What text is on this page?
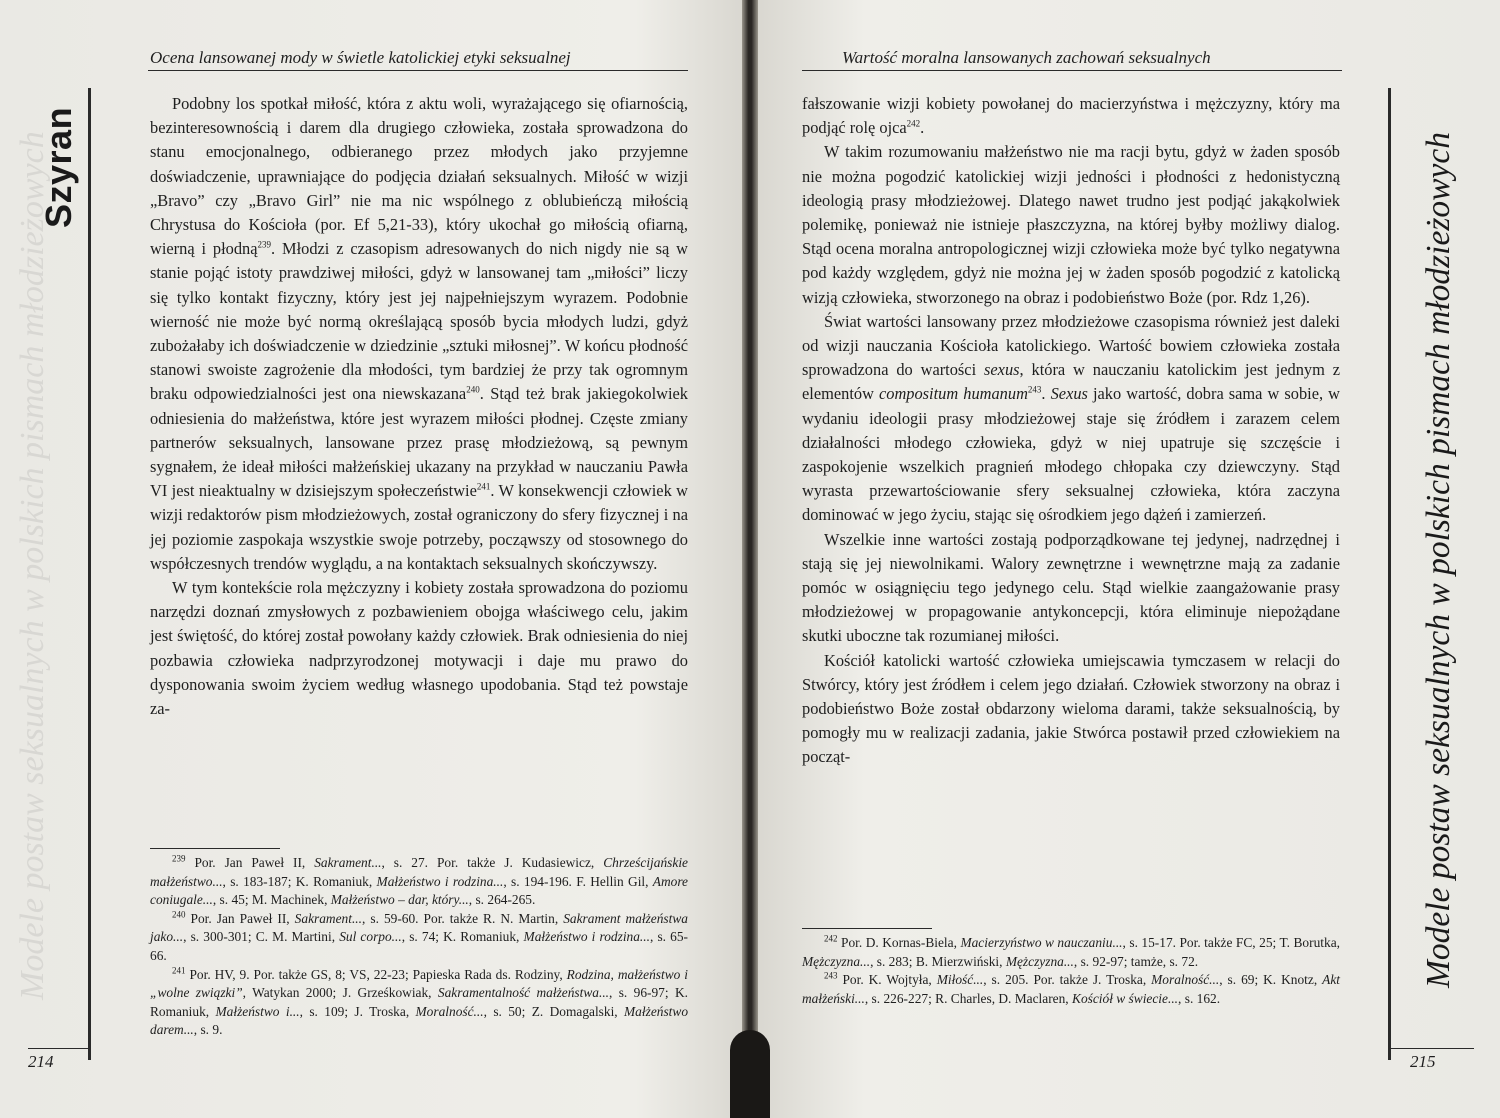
Modele postaw seksualnych w polskich pismach młodzieżowych
Ocena lansowanej mody w świetle katolickiej etyki seksualnej
Szyran

Podobny los spotkał miłość, która z aktu woli, wyrażającego się ofiarnością, bezinteresownością i darem dla drugiego człowieka, została sprowadzona do stanu emocjonalnego, odbieranego przez młodych jako przyjemne doświadczenie, uprawniające do podjęcia działań seksualnych. Miłość w wizji „Bravo” czy „Bravo Girl” nie ma nic wspólnego z oblubieńczą miłością Chrystusa do Kościoła (por. Ef 5,21-33), który ukochał go miłością ofiarną, wierną i płodną$^{239}$. Młodzi z czasopism adresowanych do nich nigdy nie są w stanie pojąć istoty prawdziwej miłości, gdyż w lansowanej tam „miłości” liczy się tylko kontakt fizyczny, który jest jej najpełniejszym wyrazem. Podobnie wierność nie może być normą określającą sposób bycia młodych ludzi, gdyż zubożałaby ich doświadczenie w dziedzinie „sztuki miłosnej”. W końcu płodność stanowi swoiste zagrożenie dla młodości, tym bardziej że przy tak ogromnym braku odpowiedzialności jest ona niewskazana$^{240}$. Stąd też brak jakiegokolwiek odniesienia do małżeństwa, które jest wyrazem miłości płodnej. Częste zmiany partnerów seksualnych, lansowane przez prasę młodzieżową, są pewnym sygnałem, że ideał miłości małżeńskiej ukazany na przykład w nauczaniu Pawła VI jest nieaktualny w dzisiejszym społeczeństwie$^{241}$. W konsekwencji człowiek w wizji redaktorów pism młodzieżowych, został ograniczony do sfery fizycznej i na jej poziomie zaspokaja wszystkie swoje potrzeby, począwszy od stosownego do współczesnych trendów wyglądu, a na kontaktach seksualnych skończywszy.

W tym kontekście rola mężczyzny i kobiety została sprowadzona do poziomu narzędzi doznań zmysłowych z pozbawieniem obojga właściwego celu, jakim jest świętość, do której został powołany każdy człowiek. Brak odniesienia do niej pozbawia człowieka nadprzyrodzonej motywacji i daje mu prawo do dysponowania swoim życiem według własnego upodobania. Stąd też powstaje za-

$^{239}$ Por. Jan Paweł II, Sakrament..., s. 27. Por. także J. Kudasiewicz, Chrześcijańskie małżeństwo..., s. 183-187; K. Romaniuk, Małżeństwo i rodzina..., s. 194-196. F. Hellin Gil, Amore coniugale..., s. 45; M. Machinek, Małżeństwo – dar, który..., s. 264-265.

$^{240}$ Por. Jan Paweł II, Sakrament..., s. 59-60. Por. także R. N. Martin, Sakrament małżeństwa jako..., s. 300-301; C. M. Martini, Sul corpo..., s. 74; K. Romaniuk, Małżeństwo i rodzina..., s. 65-66.

$^{241}$ Por. HV, 9. Por. także GS, 8; VS, 22-23; Papieska Rada ds. Rodziny, Rodzina, małżeństwo i „wolne związki”, Watykan 2000; J. Grześkowiak, Sakramentalność małżeństwa..., s. 96-97; K. Romaniuk, Małżeństwo i..., s. 109; J. Troska, Moralność..., s. 50; Z. Domagalski, Małżeństwo darem..., s. 9.

214
Wartość moralna lansowanych zachowań seksualnych
Modele postaw seksualnych w polskich pismach młodzieżowych

fałszowanie wizji kobiety powołanej do macierzyństwa i mężczyzny, który ma podjąć rolę ojca$^{242}$.

W takim rozumowaniu małżeństwo nie ma racji bytu, gdyż w żaden sposób nie można pogodzić katolickiej wizji jedności i płodności z hedonistyczną ideologią prasy młodzieżowej. Dlatego nawet trudno jest podjąć jakąkolwiek polemikę, ponieważ nie istnieje płaszczyzna, na której byłby możliwy dialog. Stąd ocena moralna antropologicznej wizji człowieka może być tylko negatywna pod każdy względem, gdyż nie można jej w żaden sposób pogodzić z katolicką wizją człowieka, stworzonego na obraz i podobieństwo Boże (por. Rdz 1,26).

Świat wartości lansowany przez młodzieżowe czasopisma również jest daleki od wizji nauczania Kościoła katolickiego. Wartość bowiem człowieka została sprowadzona do wartości sexus, która w nauczaniu katolickim jest jednym z elementów compositum humanum$^{243}$. Sexus jako wartość, dobra sama w sobie, w wydaniu ideologii prasy młodzieżowej staje się źródłem i zarazem celem działalności młodego człowieka, gdyż w niej upatruje się szczęście i zaspokojenie wszelkich pragnień młodego chłopaka czy dziewczyny. Stąd wyrasta przewartościowanie sfery seksualnej człowieka, która zaczyna dominować w jego życiu, stając się ośrodkiem jego dążeń i zamierzeń.

Wszelkie inne wartości zostają podporządkowane tej jedynej, nadrzędnej i stają się jej niewolnikami. Walory zewnętrzne i wewnętrzne mają za zadanie pomóc w osiągnięciu tego jedynego celu. Stąd wielkie zaangażowanie prasy młodzieżowej w propagowanie antykoncepcji, która eliminuje niepożądane skutki uboczne tak rozumianej miłości.

Kościół katolicki wartość człowieka umiejscawia tymczasem w relacji do Stwórcy, który jest źródłem i celem jego działań. Człowiek stworzony na obraz i podobieństwo Boże został obdarzony wieloma darami, także seksualnością, by pomogły mu w realizacji zadania, jakie Stwórca postawił przed człowiekiem na począt-

$^{242}$ Por. D. Kornas-Biela, Macierzyństwo w nauczaniu..., s. 15-17. Por. także FC, 25; T. Borutka, Mężczyzna..., s. 283; B. Mierzwiński, Mężczyzna..., s. 92-97; tamże, s. 72.

$^{243}$ Por. K. Wojtyła, Miłość..., s. 205. Por. także J. Troska, Moralność..., s. 69; K. Knotz, Akt małżeński..., s. 226-227; R. Charles, D. Maclaren, Kościół w świecie..., s. 162.

215
